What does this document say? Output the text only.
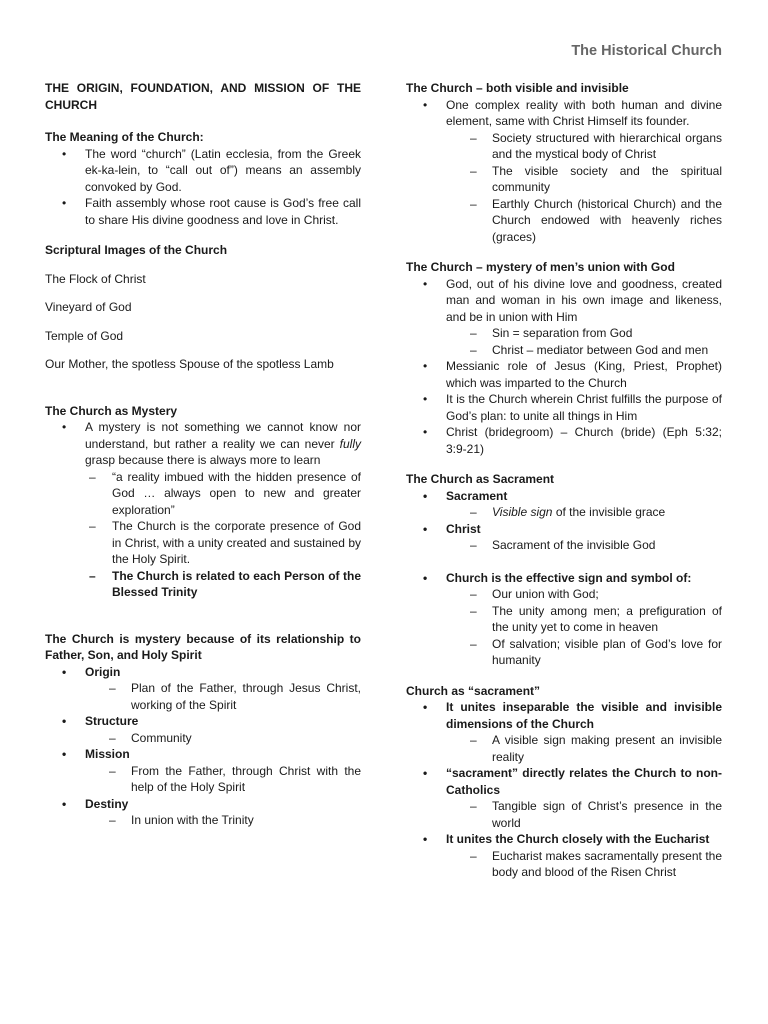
The Historical Church
THE ORIGIN, FOUNDATION, AND MISSION OF THE CHURCH
The Meaning of the Church:
• The word “church” (Latin ecclesia, from the Greek ek-ka-lein, to “call out of”) means an assembly convoked by God.
• Faith assembly whose root cause is God’s free call to share His divine goodness and love in Christ.
Scriptural Images of the Church

The Flock of Christ

Vineyard of God

Temple of God

Our Mother, the spotless Spouse of the spotless Lamb

The Church as Mystery
• A mystery is not something we cannot know nor understand, but rather a reality we can never fully grasp because there is always more to learn
– “a reality imbued with the hidden presence of God … always open to new and greater exploration”
– The Church is the corporate presence of God in Christ, with a unity created and sustained by the Holy Spirit.
– The Church is related to each Person of the Blessed Trinity
The Church is mystery because of its relationship to Father, Son, and Holy Spirit
• Origin
– Plan of the Father, through Jesus Christ, working of the Spirit
• Structure
– Community
• Mission
– From the Father, through Christ with the help of the Holy Spirit
• Destiny
– In union with the Trinity
The Church – both visible and invisible
• One complex reality with both human and divine element, same with Christ Himself its founder.
– Society structured with hierarchical organs and the mystical body of Christ
– The visible society and the spiritual community
– Earthly Church (historical Church) and the Church endowed with heavenly riches (graces)
The Church – mystery of men’s union with God
• God, out of his divine love and goodness, created man and woman in his own image and likeness, and be in union with Him
– Sin = separation from God
– Christ – mediator between God and men
• Messianic role of Jesus (King, Priest, Prophet) which was imparted to the Church
• It is the Church wherein Christ fulfills the purpose of God’s plan: to unite all things in Him
• Christ (bridegroom) – Church (bride) (Eph 5:32; 3:9-21)
The Church as Sacrament
• Sacrament
– Visible sign of the invisible grace
• Christ
– Sacrament of the invisible God
• Church is the effective sign and symbol of:
– Our union with God;
– The unity among men; a prefiguration of the unity yet to come in heaven
– Of salvation; visible plan of God’s love for humanity
Church as “sacrament”
• It unites inseparable the visible and invisible dimensions of the Church
– A visible sign making present an invisible reality
• “sacrament” directly relates the Church to non-Catholics
– Tangible sign of Christ’s presence in the world
• It unites the Church closely with the Eucharist
– Eucharist makes sacramentally present the body and blood of the Risen Christ
